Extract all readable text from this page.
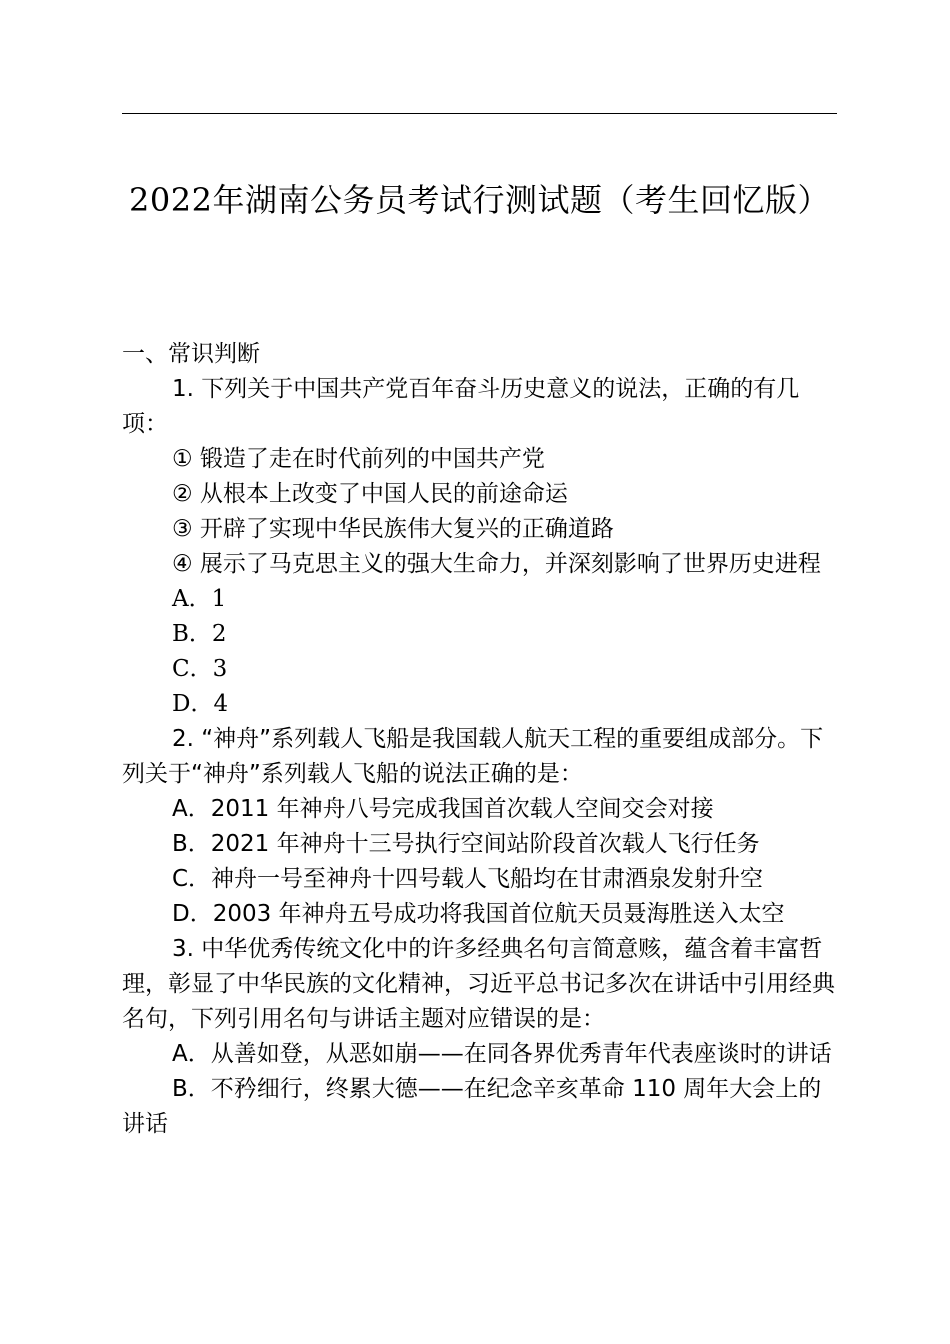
2022年湖南公务员考试行测试题（考生回忆版）

一、常识判断

1. 下列关于中国共产党百年奋斗历史意义的说法，正确的有几项：

① 锻造了走在时代前列的中国共产党

② 从根本上改变了中国人民的前途命运

③ 开辟了实现中华民族伟大复兴的正确道路

④ 展示了马克思主义的强大生命力，并深刻影响了世界历史进程

A．1

B．2

C．3

D．4

2. “神舟”系列载人飞船是我国载人航天工程的重要组成部分。下列关于“神舟”系列载人飞船的说法正确的是：

A．2011 年神舟八号完成我国首次载人空间交会对接

B．2021 年神舟十三号执行空间站阶段首次载人飞行任务

C．神舟一号至神舟十四号载人飞船均在甘肃酒泉发射升空

D．2003 年神舟五号成功将我国首位航天员聂海胜送入太空

3. 中华优秀传统文化中的许多经典名句言简意赅，蕴含着丰富哲理，彰显了中华民族的文化精神，习近平总书记多次在讲话中引用经典名句，下列引用名句与讲话主题对应错误的是：

A．从善如登，从恶如崩——在同各界优秀青年代表座谈时的讲话

B．不矜细行，终累大德——在纪念辛亥革命 110 周年大会上的讲话
